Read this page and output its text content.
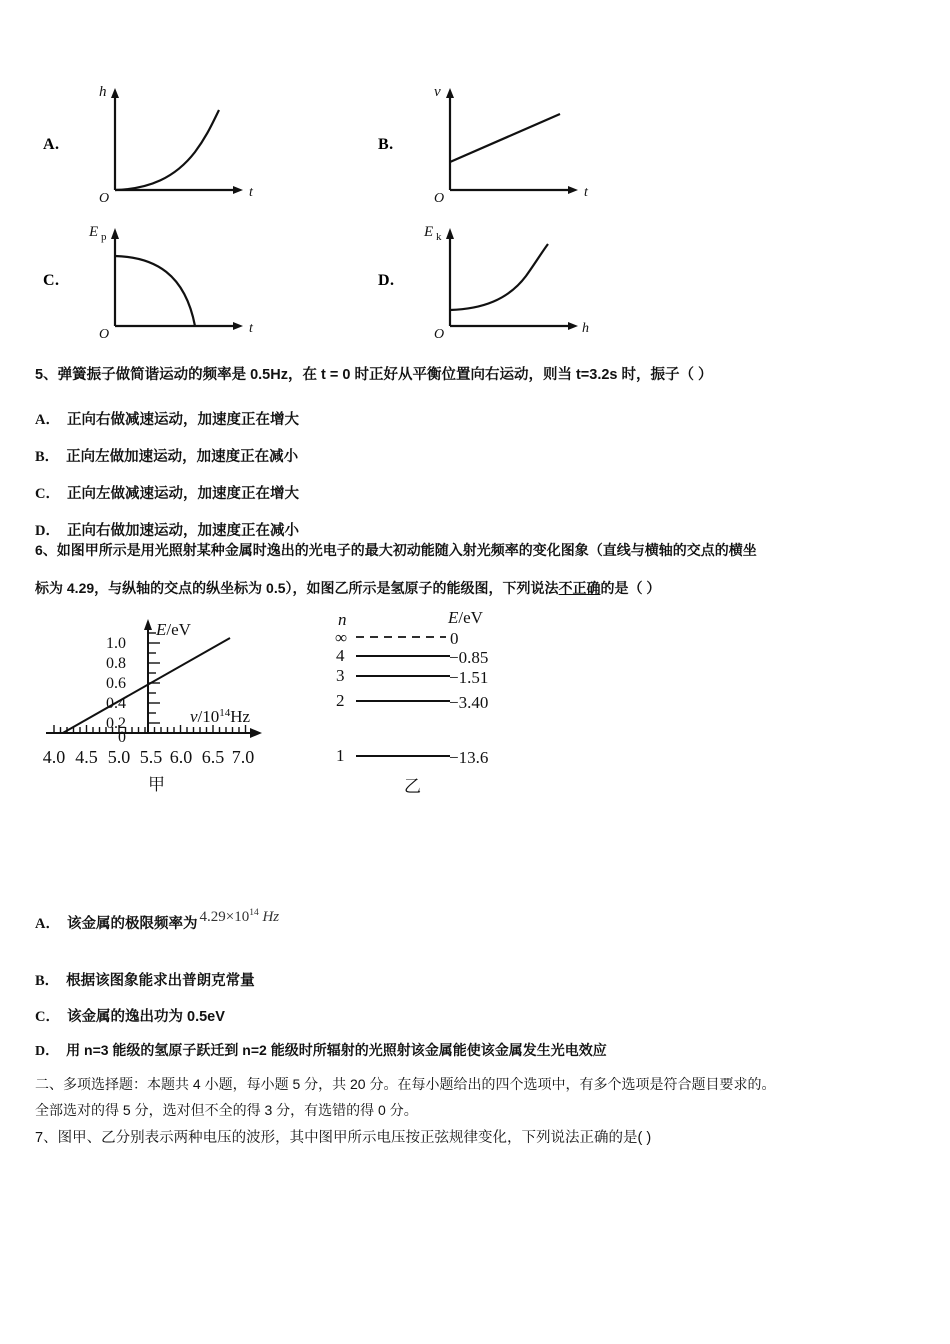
A.
h
t
O
B.
v
t
O
C.
E p
t
O
D.
E k
h
O
5、弹簧振子做简谐运动的频率是 0.5Hz，在 t = 0 时正好从平衡位置向右运动，则当 t=3.2s 时，振子（ ）
A． 正向右做减速运动，加速度正在增大
B． 正向左做加速运动，加速度正在减小
C． 正向左做减速运动，加速度正在增大
D． 正向右做加速运动，加速度正在减小
6、如图甲所示是用光照射某种金属时逸出的光电子的最大初动能随入射光频率的变化图象（直线与横轴的交点的横坐
标为 4.29，与纵轴的交点的纵坐标为 0.5），如图乙所示是氢原子的能级图，下列说法不正确的是（ ）
1.0
0.8
0.6
0.4
0.2
0
E/eV
$v/10^{14}Hz$
4.0 4.5 5.0 5.5 6.0 6.5 7.0
n	E/eV
∞	0
4	−0.85
3	−1.51
2	−3.40
1	−13.6
甲	乙
A． 该金属的极限频率为 $4.29\times 10^{14}$ Hz
B． 根据该图象能求出普朗克常量
C． 该金属的逸出功为 0.5eV
D． 用 n=3 能级的氢原子跃迁到 n=2 能级时所辐射的光照射该金属能使该金属发生光电效应
二、多项选择题：本题共 4 小题，每小题 5 分，共 20 分。在每小题给出的四个选项中，有多个选项是符合题目要求的。
全部选对的得 5 分，选对但不全的得 3 分，有选错的得 0 分。
7、图甲、乙分别表示两种电压的波形，其中图甲所示电压按正弦规律变化，下列说法正确的是( )
